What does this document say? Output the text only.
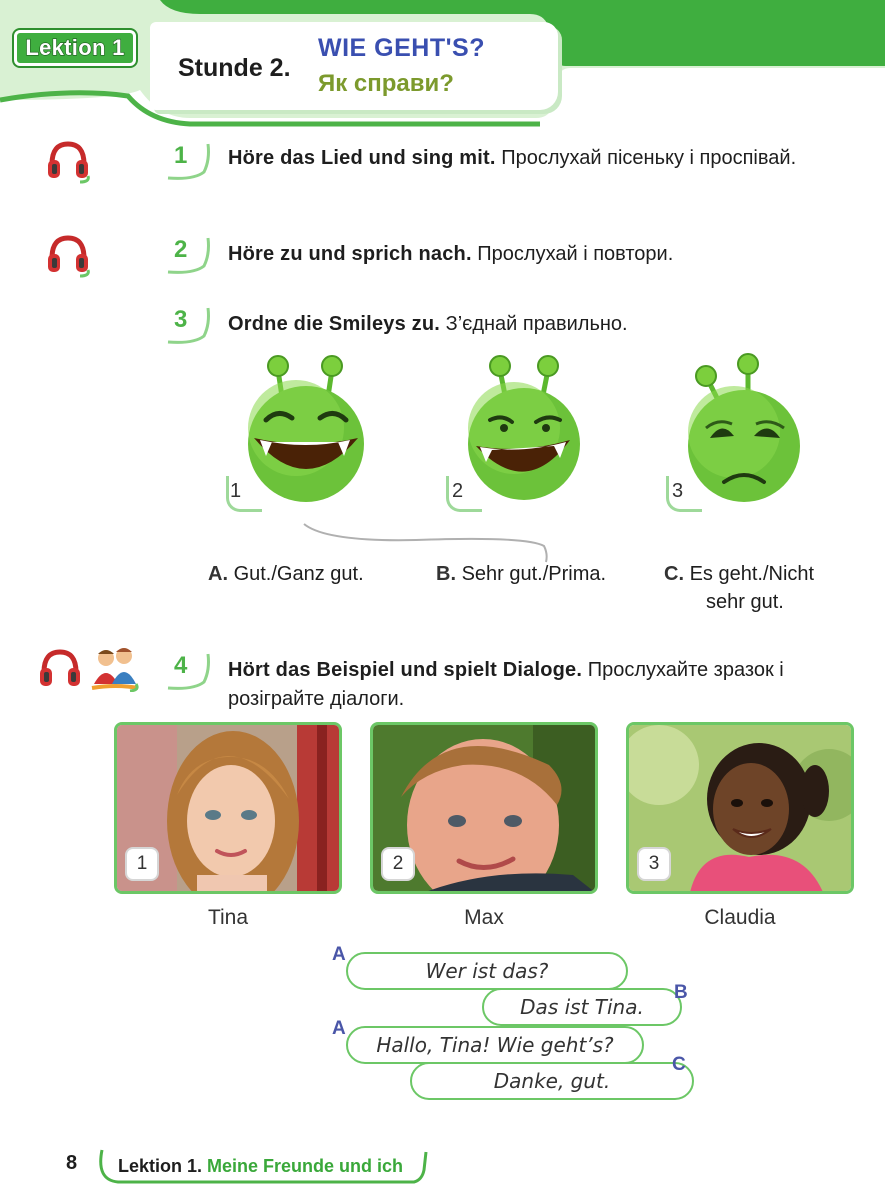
Lektion 1
Stunde 2.
WIE GEHT'S?
Як справи?
1 Höre das Lied und sing mit. Прослухай пісеньку і проспівай.
2 Höre zu und sprich nach. Прослухай і повтори.
3 Ordne die Smileys zu. З’єднай правильно.
1	2	3
A. Gut./Ganz gut.	B. Sehr gut./Prima.	C. Es geht./Nicht
sehr gut.
4 Hört das Beispiel und spielt Dialoge. Прослухайте зразок і розіграйте діалоги.
1	2	3
Tina	Max	Claudia
A
Wer ist das?
Das ist Tina.
B
A
Hallo, Tina! Wie geht’s?
Danke, gut.
C
8 Lektion 1. Meine Freunde und ich
